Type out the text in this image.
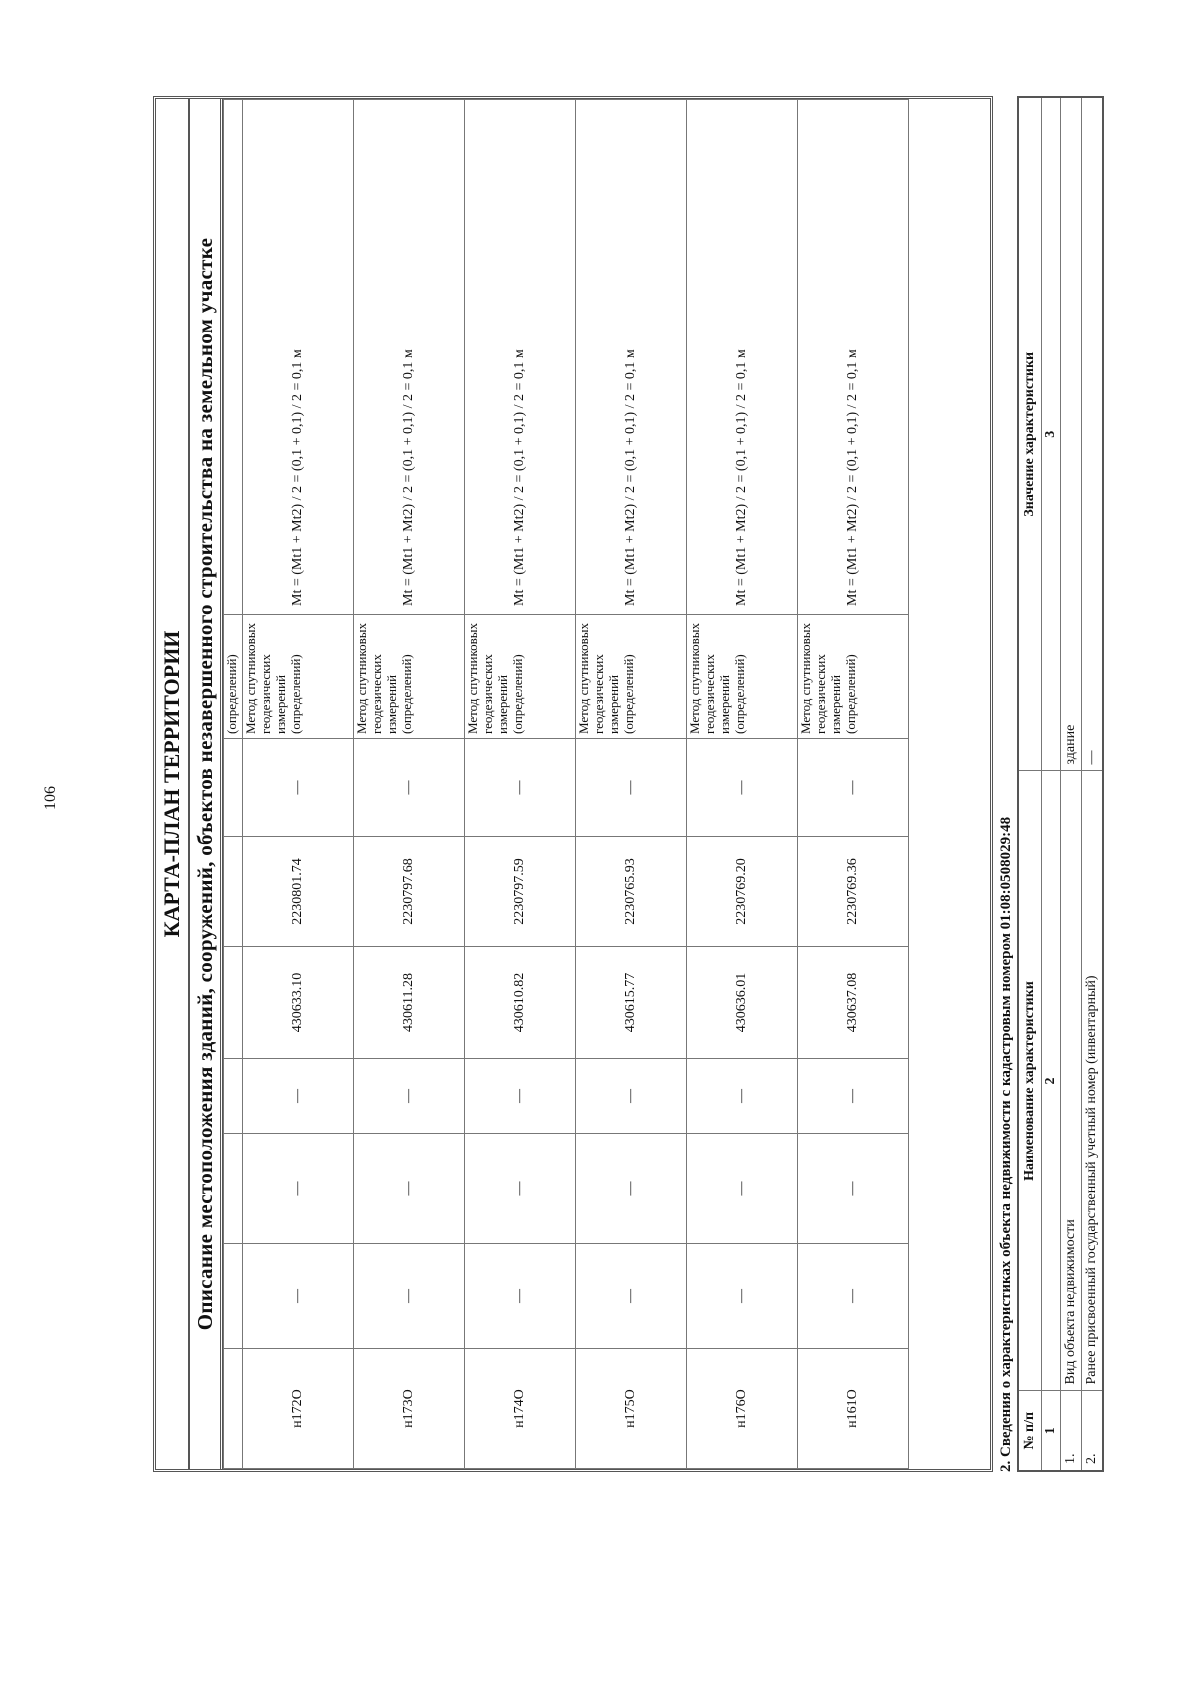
106	КАРТА-ПЛАН ТЕРРИТОРИИ Описание местоположения зданий, сооружений, объектов незавершенного строительства на земельном участке
							(определений)	
н172О	—	—	—	430633.10	2230801.74	—	Метод спутниковых геодезических измерений (определений)	Mt = (Mt1 + Mt2) / 2 = (0,1 + 0,1) / 2 = 0,1 м
н173О	—	—	—	430611.28	2230797.68	—	Метод спутниковых геодезических измерений (определений)	Mt = (Mt1 + Mt2) / 2 = (0,1 + 0,1) / 2 = 0,1 м
н174О	—	—	—	430610.82	2230797.59	—	Метод спутниковых геодезических измерений (определений)	Mt = (Mt1 + Mt2) / 2 = (0,1 + 0,1) / 2 = 0,1 м
н175О	—	—	—	430615.77	2230765.93	—	Метод спутниковых геодезических измерений (определений)	Mt = (Mt1 + Mt2) / 2 = (0,1 + 0,1) / 2 = 0,1 м
н176О	—	—	—	430636.01	2230769.20	—	Метод спутниковых геодезических измерений (определений)	Mt = (Mt1 + Mt2) / 2 = (0,1 + 0,1) / 2 = 0,1 м
н161О	—	—	—	430637.08	2230769.36	—	Метод спутниковых геодезических измерений (определений)	Mt = (Mt1 + Mt2) / 2 = (0,1 + 0,1) / 2 = 0,1 м
2. Сведения о характеристиках объекта недвижимости с кадастровым номером 01:08:0508029:48
№ п/п	Наименование характеристики	Значение характеристики
1	2	3
1.	Вид объекта недвижимости	здание
2.	Ранее присвоенный государственный учетный номер (инвентарный)	—
